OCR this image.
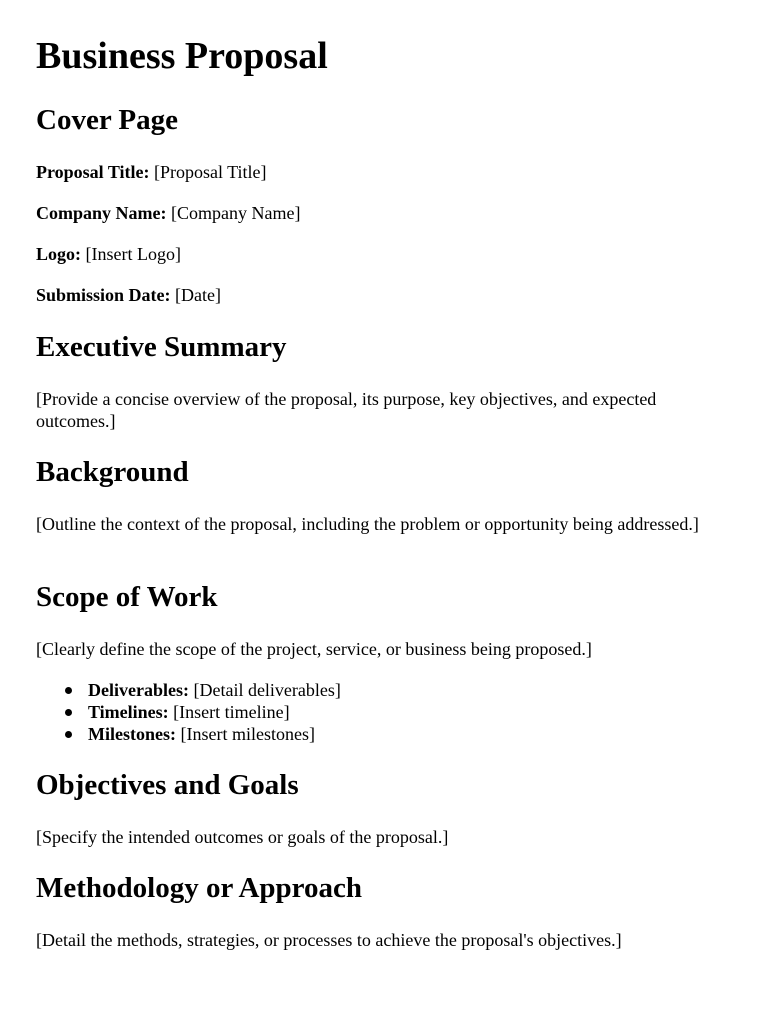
Business Proposal
Cover Page

Proposal Title: [Proposal Title]

Company Name: [Company Name]

Logo: [Insert Logo]

Submission Date: [Date]

Executive Summary

[Provide a concise overview of the proposal, its purpose, key objectives, and expected outcomes.]

Background

[Outline the context of the proposal, including the problem or opportunity being addressed.]

Scope of Work

[Clearly define the scope of the project, service, or business being proposed.]

Deliverables: [Detail deliverables]
Timelines: [Insert timeline]
Milestones: [Insert milestones]
Objectives and Goals

[Specify the intended outcomes or goals of the proposal.]

Methodology or Approach

[Detail the methods, strategies, or processes to achieve the proposal's objectives.]
